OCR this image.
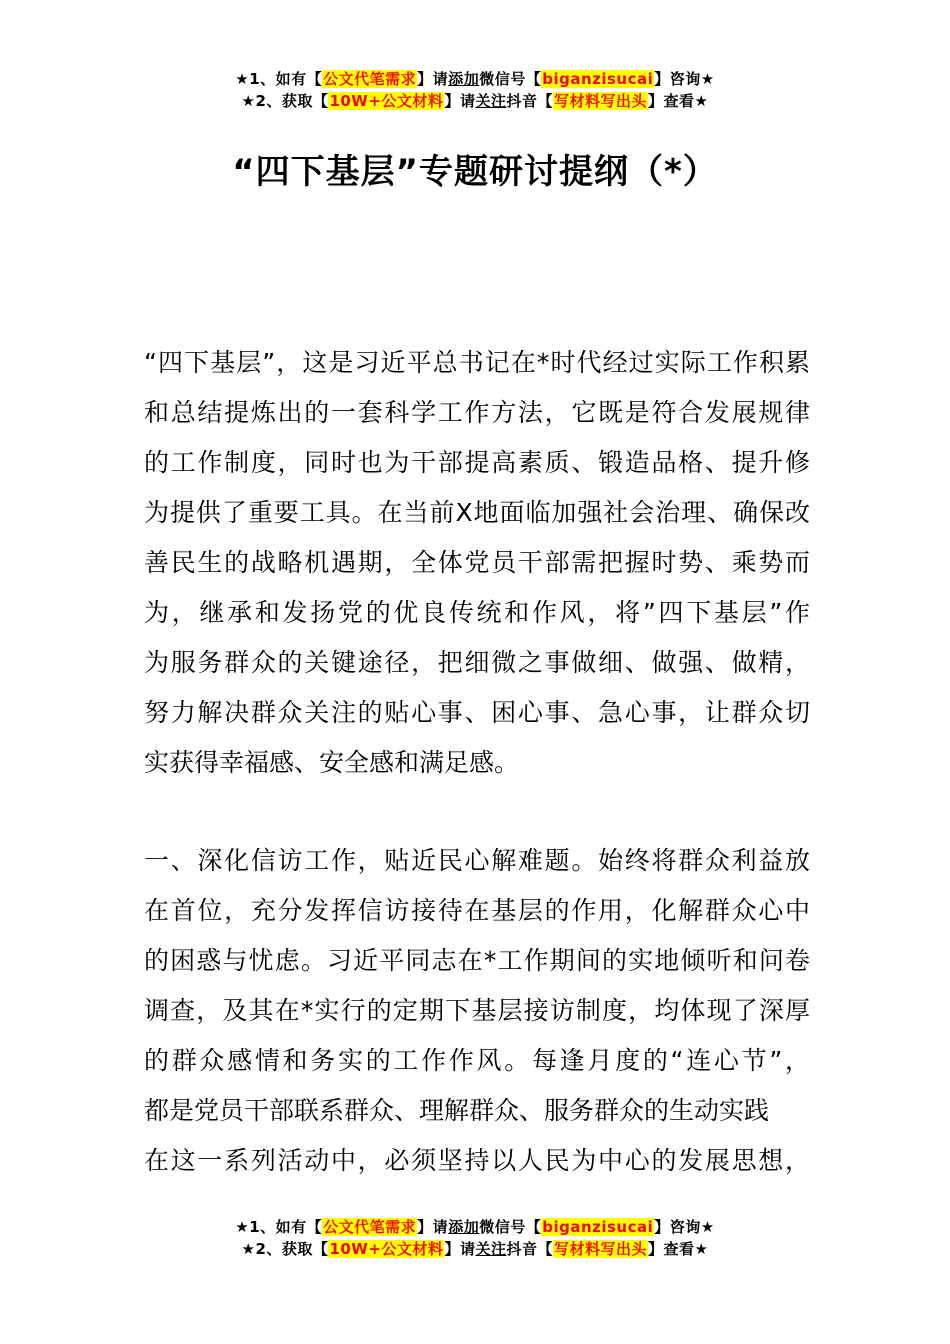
★1、如有【公文代笔需求】请添加微信号【biganzisucai】咨询★
★2、获取【10W+公文材料】请关注抖音【写材料写出头】查看★
“四下基层”专题研讨提纲（*）
“四下基层”，这是习近平总书记在*时代经过实际工作积累
和总结提炼出的一套科学工作方法，它既是符合发展规律
的工作制度，同时也为干部提高素质、锻造品格、提升修
为提供了重要工具。在当前X地面临加强社会治理、确保改
善民生的战略机遇期，全体党员干部需把握时势、乘势而
为，继承和发扬党的优良传统和作风，将”四下基层”作
为服务群众的关键途径，把细微之事做细、做强、做精，
努力解决群众关注的贴心事、困心事、急心事，让群众切
实获得幸福感、安全感和满足感。
一、深化信访工作，贴近民心解难题。始终将群众利益放
在首位，充分发挥信访接待在基层的作用，化解群众心中
的困惑与忧虑。习近平同志在*工作期间的实地倾听和问卷
调查，及其在*实行的定期下基层接访制度，均体现了深厚
的群众感情和务实的工作作风。每逢月度的“连心节”，
都是党员干部联系群众、理解群众、服务群众的生动实践
在这一系列活动中，必须坚持以人民为中心的发展思想，
★1、如有【公文代笔需求】请添加微信号【biganzisucai】咨询★
★2、获取【10W+公文材料】请关注抖音【写材料写出头】查看★
